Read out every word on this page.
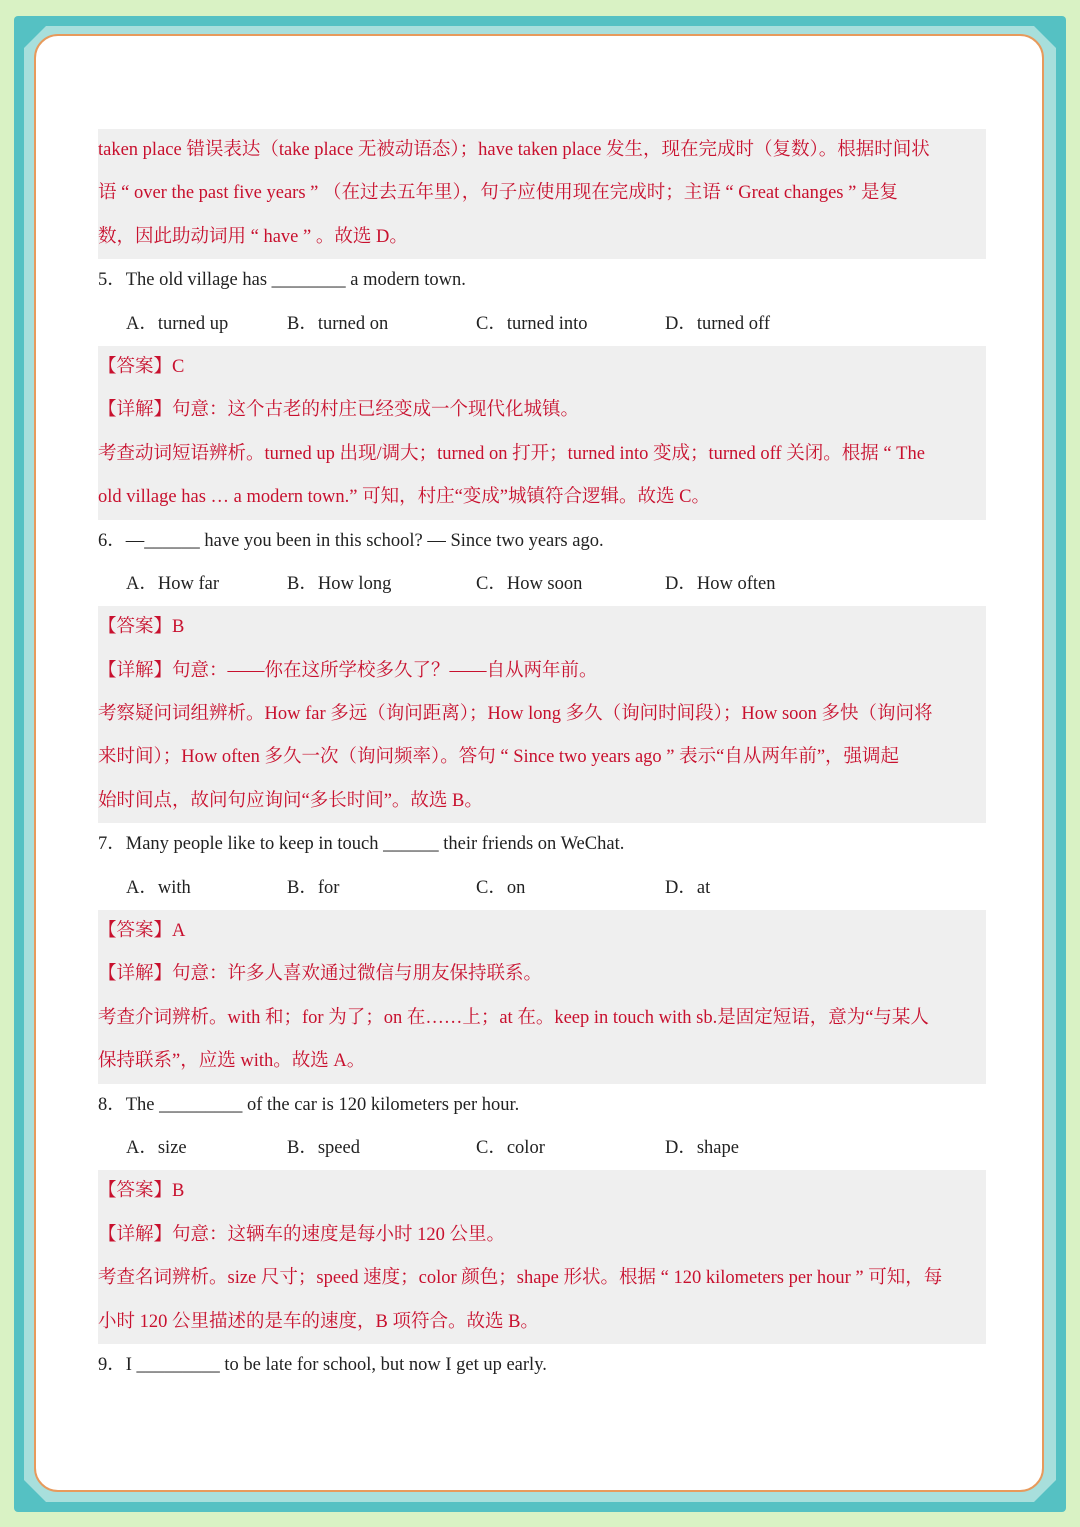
taken place 错误表达（take place 无被动语态）；have taken place 发生，现在完成时（复数）。根据时间状
语 “ over the past five years ” （在过去五年里），句子应使用现在完成时；主语 “ Great changes ” 是复
数，因此助动词用 “ have ” 。故选 D。
5．The old village has ________ a modern town.
A．turned up	B．turned on	C．turned into	D．turned off
【答案】C
【详解】句意：这个古老的村庄已经变成一个现代化城镇。
考查动词短语辨析。turned up 出现/调大；turned on 打开；turned into 变成；turned off 关闭。根据 “ The
old village has … a modern town.” 可知，村庄“变成”城镇符合逻辑。故选 C。
6．—______ have you been in this school? — Since two years ago.
A．How far	B．How long	C．How soon	D．How often
【答案】B
【详解】句意：——你在这所学校多久了？——自从两年前。
考察疑问词组辨析。How far 多远（询问距离）；How long 多久（询问时间段）；How soon 多快（询问将
来时间）；How often 多久一次（询问频率）。答句 “ Since two years ago ” 表示“自从两年前”，强调起
始时间点，故问句应询问“多长时间”。故选 B。
7．Many people like to keep in touch ______ their friends on WeChat.
A．with	B．for	C．on	D．at
【答案】A
【详解】句意：许多人喜欢通过微信与朋友保持联系。
考查介词辨析。with 和；for 为了；on 在……上；at 在。keep in touch with sb.是固定短语，意为“与某人
保持联系”，应选 with。故选 A。
8．The _________ of the car is 120 kilometers per hour.
A．size	B．speed	C．color	D．shape
【答案】B
【详解】句意：这辆车的速度是每小时 120 公里。
考查名词辨析。size 尺寸；speed 速度；color 颜色；shape 形状。根据 “ 120 kilometers per hour ” 可知，每
小时 120 公里描述的是车的速度，B 项符合。故选 B。
9．I _________ to be late for school, but now I get up early.
